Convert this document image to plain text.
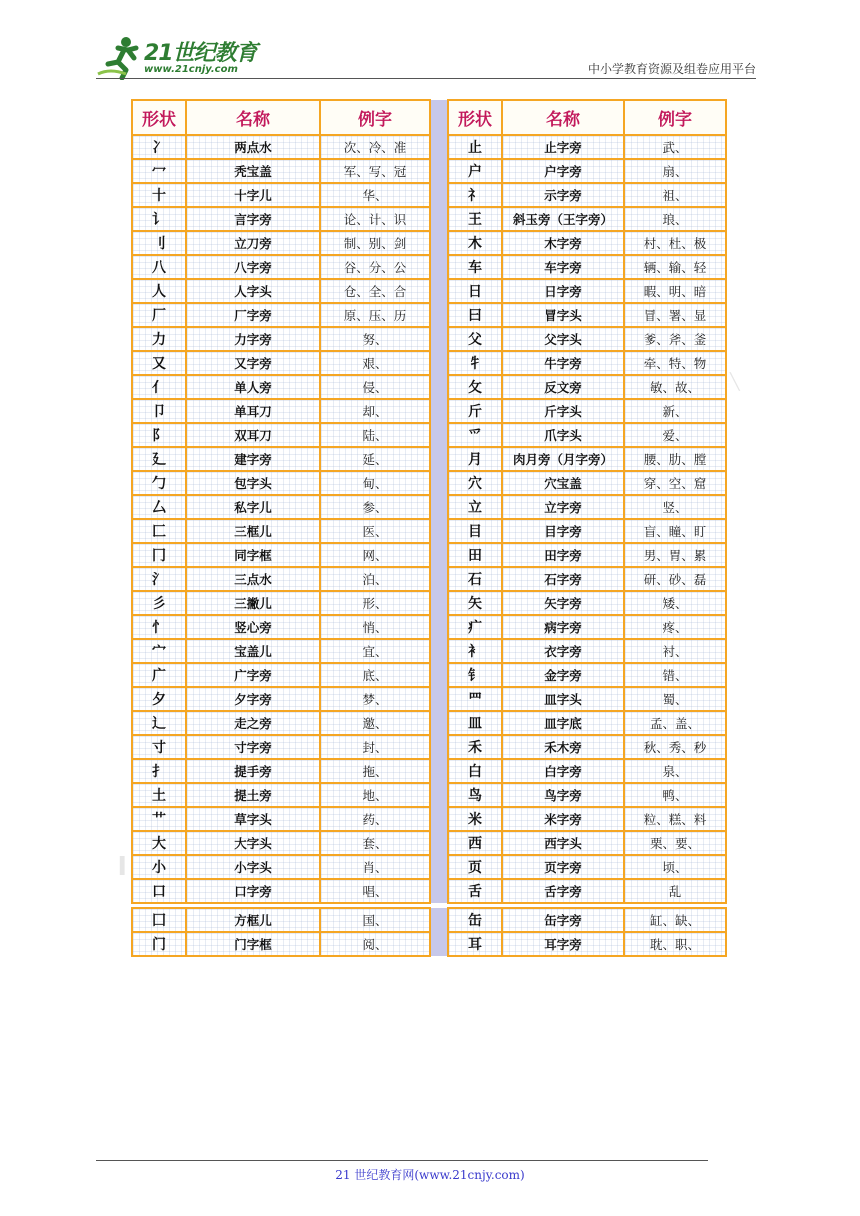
21世纪教育
www.21cnjy.com	中小学教育资源及组卷应用平台
╲
▍
形状	名称	例字		形状	名称	例字
冫	两点水	次、冷、准		止	止字旁	武、
冖	秃宝盖	军、写、冠		户	户字旁	扇、
十	十字儿	华、		礻	示字旁	祖、
讠	言字旁	论、计、识		王	斜玉旁（王字旁）	琅、
刂	立刀旁	制、别、剑		木	木字旁	村、杜、极
八	八字旁	谷、分、公		车	车字旁	辆、输、轻
人	人字头	仓、全、合		日	日字旁	暇、明、暗
厂	厂字旁	原、压、历		曰	冒字头	冒、署、显
力	力字旁	努、		父	父字头	爹、斧、釜
又	又字旁	艰、		牜	牛字旁	牵、特、物
亻	单人旁	侵、		攵	反文旁	敏、故、
卩	单耳刀	却、		斤	斤字头	新、
阝	双耳刀	陆、		爫	爪字头	爱、
廴	建字旁	延、		月	肉月旁（月字旁）	腰、肋、膛
勹	包字头	甸、		穴	穴宝盖	穿、空、窟
厶	私字儿	参、		立	立字旁	竖、
匚	三框儿	医、		目	目字旁	盲、瞳、盯
冂	同字框	网、		田	田字旁	男、胃、累
氵	三点水	泊、		石	石字旁	研、砂、磊
彡	三撇儿	形、		矢	矢字旁	矮、
忄	竖心旁	悄、		疒	病字旁	疼、
宀	宝盖儿	宜、		衤	衣字旁	衬、
广	广字旁	底、		钅	金字旁	错、
夕	夕字旁	梦、		罒	皿字头	蜀、
辶	走之旁	邀、		皿	皿字底	孟、盖、
寸	寸字旁	封、		禾	禾木旁	秋、秀、秒
扌	提手旁	拖、		白	白字旁	泉、
土	提土旁	地、		鸟	鸟字旁	鸭、
艹	草字头	药、		米	米字旁	粒、糕、料
大	大字头	套、		西	西字头	栗、要、
小	小字头	肖、		页	页字旁	顷、
口	口字旁	唱、		舌	舌字旁	乱

囗	方框儿	国、		缶	缶字旁	缸、缺、
门	门字框	阅、		耳	耳字旁	耽、职、
21 世纪教育网(www.21cnjy.com)
